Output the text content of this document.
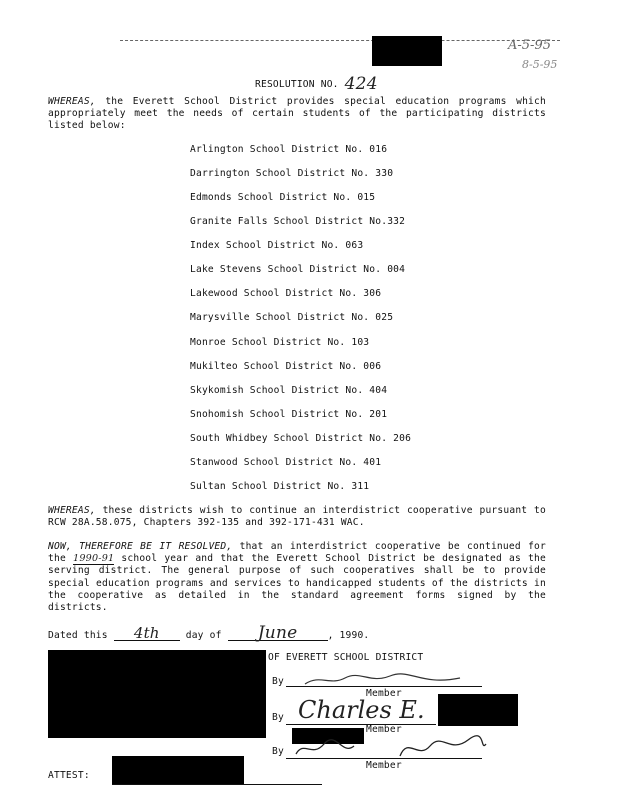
A-5-95
8-5-95
RESOLUTION NO. 424
WHEREAS, the Everett School District provides special education programs which appropriately meet the needs of certain students of the participating districts listed below:
Arlington School District No. 016
Darrington School District No. 330
Edmonds School District No. 015
Granite Falls School District No.332
Index School District No. 063
Lake Stevens School District No. 004
Lakewood School District No. 306
Marysville School District No. 025
Monroe School District No. 103
Mukilteo School District No. 006
Skykomish School District No. 404
Snohomish School District No. 201
South Whidbey School District No. 206
Stanwood School District No. 401
Sultan School District No. 311
WHEREAS, these districts wish to continue an interdistrict cooperative pursuant to RCW 28A.58.075, Chapters 392-135 and 392-171-431 WAC.
NOW, THEREFORE BE IT RESOLVED, that an interdistrict cooperative be continued for the 1990-91 school year and that the Everett School District be designated as the serving district. The general purpose of such cooperatives shall be to provide special education programs and services to handicapped students of the districts in the cooperative as detailed in the standard agreement forms signed by the districts.
Dated this 4th	day of June	, 1990.
OF EVERETT SCHOOL DISTRICT
By
Member
By Charles E.
Member
By
Member
ATTEST:
